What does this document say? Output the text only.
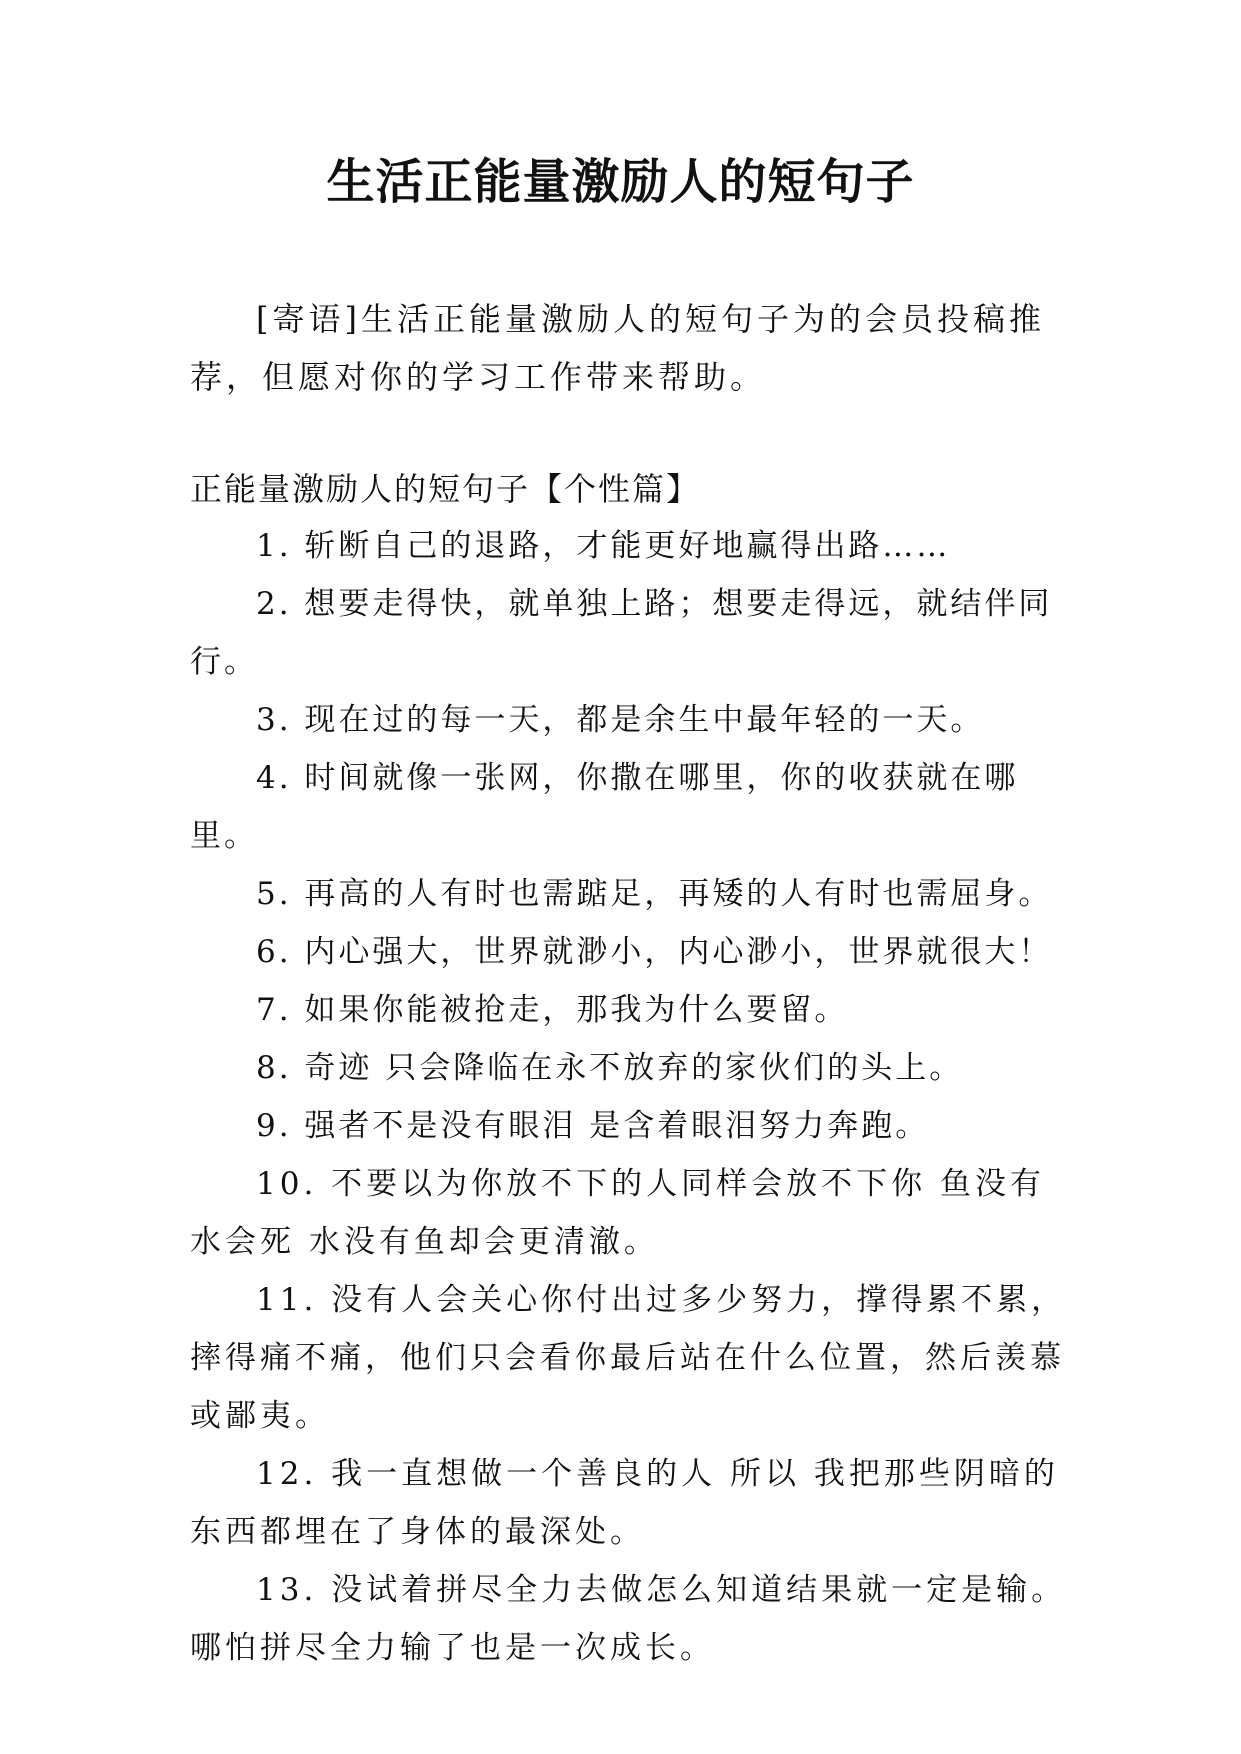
生活正能量激励人的短句子
[寄语]生活正能量激励人的短句子为的会员投稿推荐，但愿对你的学习工作带来帮助。
正能量激励人的短句子【个性篇】
1. 斩断自己的退路，才能更好地赢得出路……
2. 想要走得快，就单独上路；想要走得远，就结伴同行。
3. 现在过的每一天，都是余生中最年轻的一天。
4. 时间就像一张网，你撒在哪里，你的收获就在哪里。
5. 再高的人有时也需踮足，再矮的人有时也需屈身。
6. 内心强大，世界就渺小，内心渺小，世界就很大！
7. 如果你能被抢走，那我为什么要留。
8. 奇迹 只会降临在永不放弃的家伙们的头上。
9. 强者不是没有眼泪 是含着眼泪努力奔跑。
10. 不要以为你放不下的人同样会放不下你 鱼没有水会死 水没有鱼却会更清澈。
11. 没有人会关心你付出过多少努力，撑得累不累，摔得痛不痛，他们只会看你最后站在什么位置，然后羡慕或鄙夷。
12. 我一直想做一个善良的人 所以 我把那些阴暗的东西都埋在了身体的最深处。
13. 没试着拼尽全力去做怎么知道结果就一定是输。哪怕拼尽全力输了也是一次成长。
